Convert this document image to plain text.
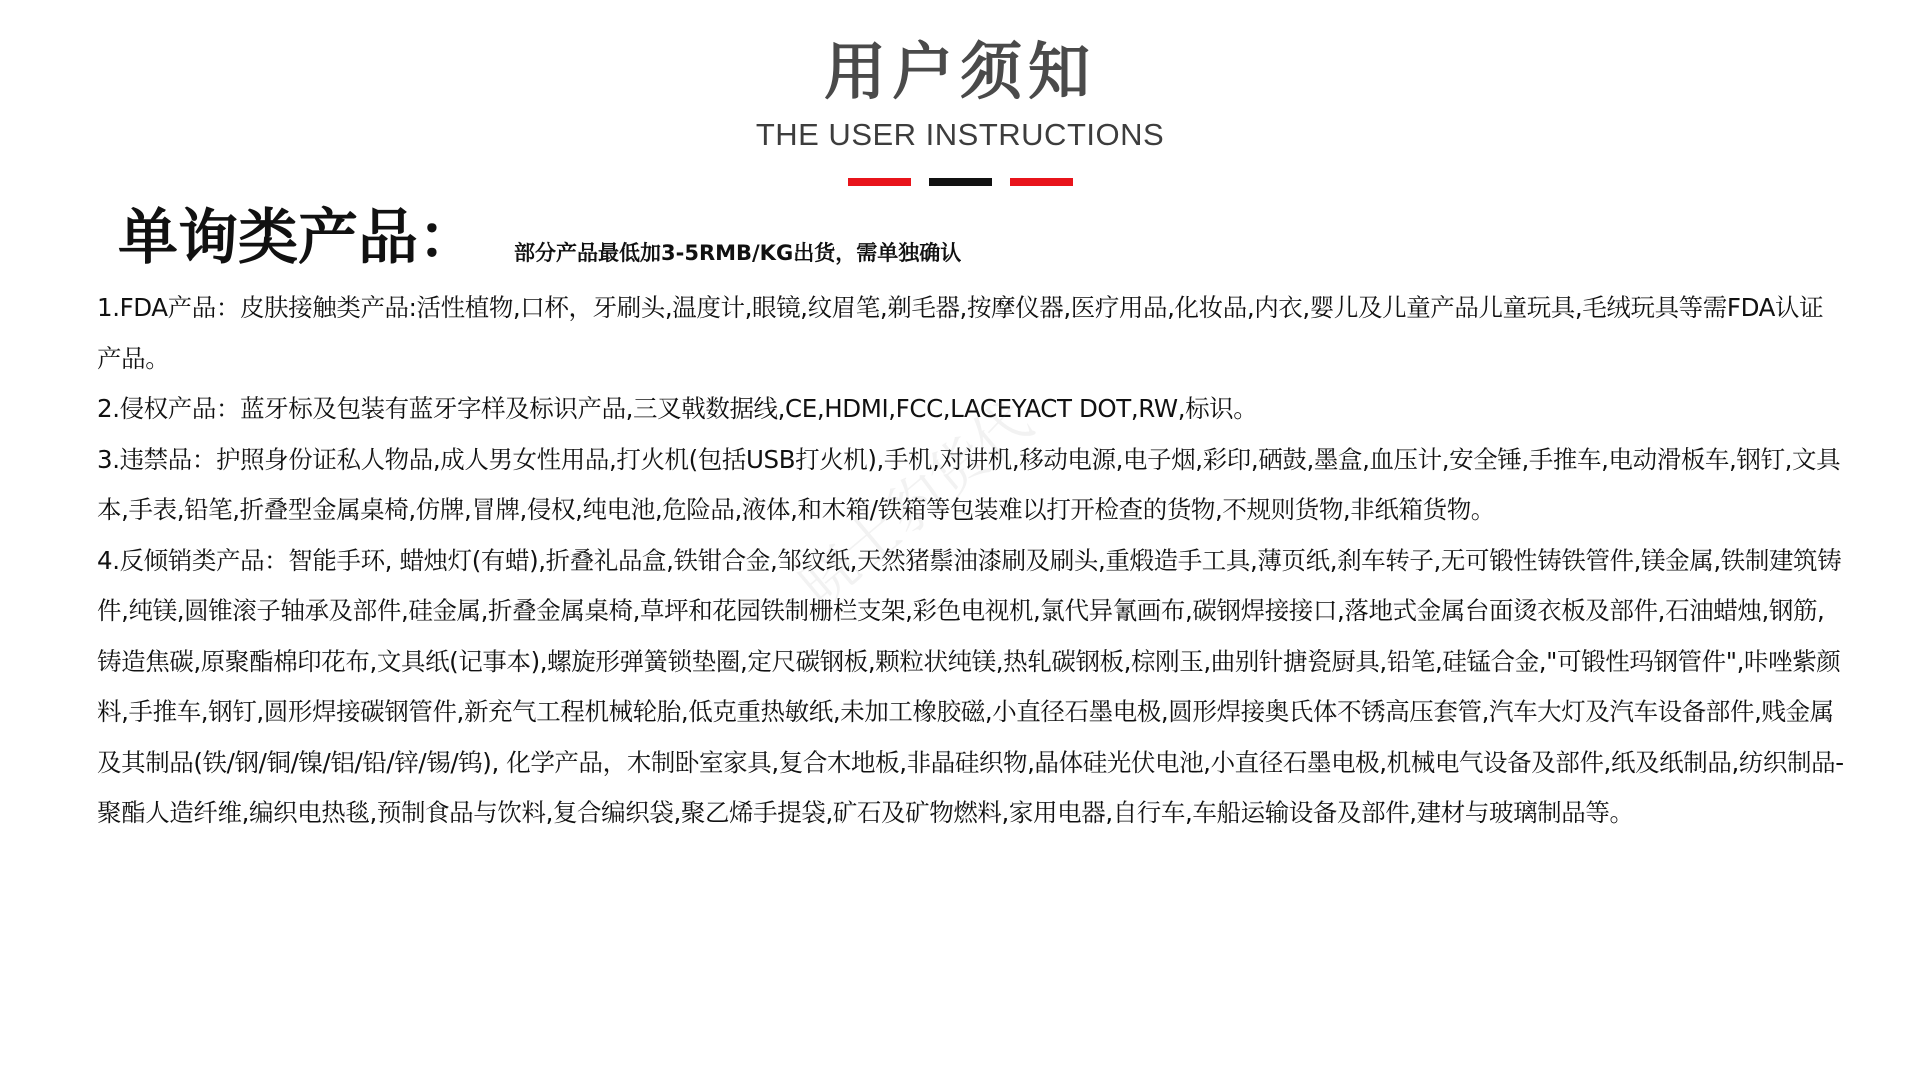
用户须知
THE USER INSTRUCTIONS
单询类产品： 部分产品最低加3-5RMB/KG出货，需单独确认

1.FDA产品：皮肤接触类产品:活性植物,口杯，牙刷头,温度计,眼镜,纹眉笔,剃毛器,按摩仪器,医疗用品,化妆品,内衣,婴儿及儿童产品儿童玩具,毛绒玩具等需FDA认证产品。

2.侵权产品：蓝牙标及包装有蓝牙字样及标识产品,三叉戟数据线,CE,HDMI,FCC,LACEYACT DOT,RW,标识。

3.违禁品：护照身份证私人物品,成人男女性用品,打火机(包括USB打火机),手机,对讲机,移动电源,电子烟,彩印,硒鼓,墨盒,血压计,安全锤,手推车,电动滑板车,钢钉,文具本,手表,铅笔,折叠型金属桌椅,仿牌,冒牌,侵权,纯电池,危险品,液体,和木箱/铁箱等包装难以打开检查的货物,不规则货物,非纸箱货物。

4.反倾销类产品：智能手环, 蜡烛灯(有蜡),折叠礼品盒,铁钳合金,邹纹纸,天然猪鬃油漆刷及刷头,重煅造手工具,薄页纸,刹车转子,无可锻性铸铁管件,镁金属,铁制建筑铸件,纯镁,圆锥滚子轴承及部件,硅金属,折叠金属桌椅,草坪和花园铁制栅栏支架,彩色电视机,氯代异氰画布,碳钢焊接接口,落地式金属台面烫衣板及部件,石油蜡烛,钢筋,铸造焦碳,原聚酯棉印花布,文具纸(记事本),螺旋形弹簧锁垫圈,定尺碳钢板,颗粒状纯镁,热轧碳钢板,棕刚玉,曲别针搪瓷厨具,铅笔,硅锰合金,"可锻性玛钢管件",咔唑紫颜料,手推车,钢钉,圆形焊接碳钢管件,新充气工程机械轮胎,低克重热敏纸,未加工橡胶磁,小直径石墨电极,圆形焊接奥氏体不锈高压套管,汽车大灯及汽车设备部件,贱金属及其制品(铁/钢/铜/镍/铝/铅/锌/锡/钨), 化学产品，木制卧室家具,复合木地板,非晶硅织物,晶体硅光伏电池,小直径石墨电极,机械电气设备及部件,纸及纸制品,纺织制品-聚酯人造纤维,编织电热毯,预制食品与饮料,复合编织袋,聚乙烯手提袋,矿石及矿物燃料,家用电器,自行车,车船运输设备及部件,建材与玻璃制品等。

晓士豹货代
